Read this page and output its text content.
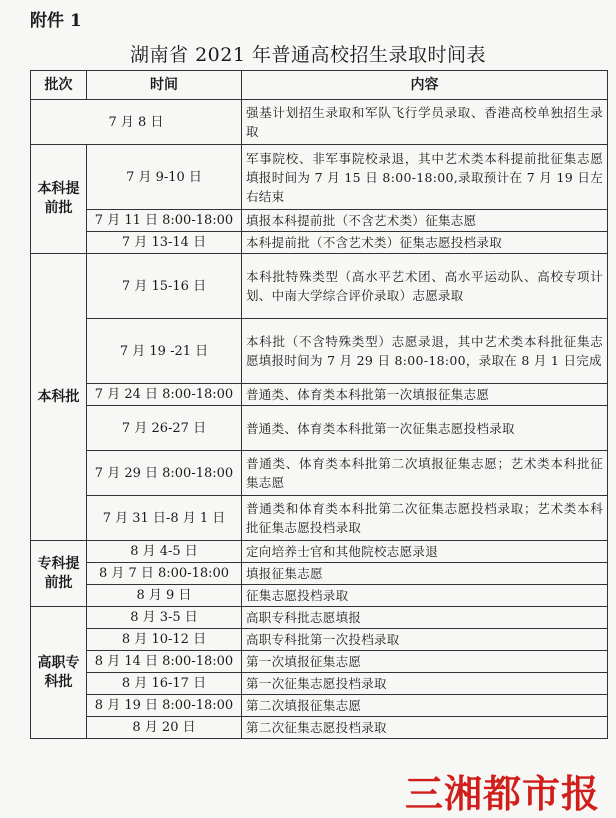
附件 1
湖南省 2021 年普通高校招生录取时间表
批次	时间	内容
7 月 8 日		强基计划招生录取和军队飞行学员录取、香港高校单独招生录取
本科提前批	7 月 9-10 日	军事院校、非军事院校录退，其中艺术类本科提前批征集志愿填报时间为 7 月 15 日 8:00-18:00,录取预计在 7 月 19 日左右结束
	7 月 11 日 8:00-18:00	填报本科提前批（不含艺术类）征集志愿
	7 月 13-14 日	本科提前批（不含艺术类）征集志愿投档录取
本科批	7 月 15-16 日	本科批特殊类型（高水平艺术团、高水平运动队、高校专项计划、中南大学综合评价录取）志愿录取
	7 月 19 -21 日	本科批（不含特殊类型）志愿录退，其中艺术类本科批征集志愿填报时间为 7 月 29 日 8:00-18:00，录取在 8 月 1 日完成
	7 月 24 日 8:00-18:00	普通类、体育类本科批第一次填报征集志愿
	7 月 26-27 日	普通类、体育类本科批第一次征集志愿投档录取
	7 月 29 日 8:00-18:00	普通类、体育类本科批第二次填报征集志愿；艺术类本科批征集志愿
	7 月 31 日-8 月 1 日	普通类和体育类本科批第二次征集志愿投档录取；艺术类本科批征集志愿投档录取
专科提前批	8 月 4-5 日	定向培养士官和其他院校志愿录退
	8 月 7 日 8:00-18:00	填报征集志愿
	8 月 9 日	征集志愿投档录取
高职专科批	8 月 3-5 日	高职专科批志愿填报
	8 月 10-12 日	高职专科批第一次投档录取
	8 月 14 日 8:00-18:00	第一次填报征集志愿
	8 月 16-17 日	第一次征集志愿投档录取
	8 月 19 日 8:00-18:00	第二次填报征集志愿
	8 月 20 日	第二次征集志愿投档录取
三湘都市报
